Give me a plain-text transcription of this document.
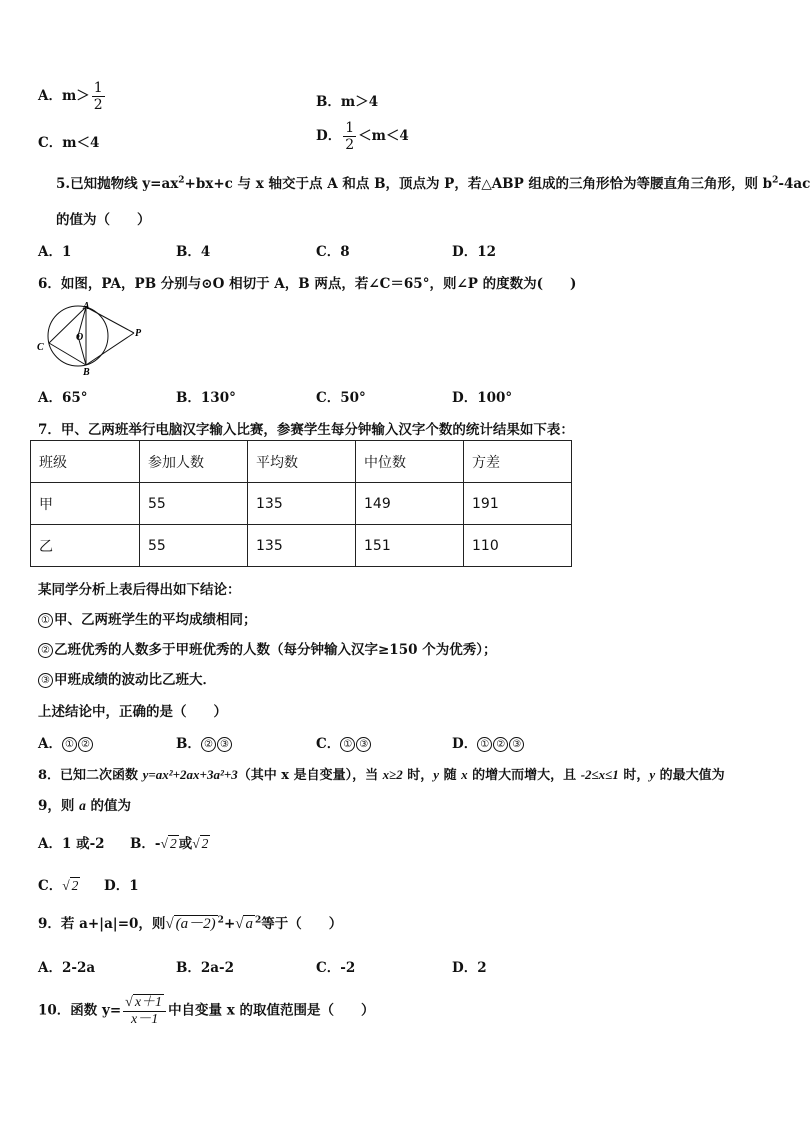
A．$m> \frac{1}{2}$	B．m＞4
C．m＜4	D． $\frac{1}{2} <m<4$
5.已知抛物线 $y=ax^2+bx+c$ 与 x 轴交于点 A 和点 B，顶点为 P，若△ABP 组成的三角形恰为等腰直角三角形，则 $b^2-4ac$
的值为（　　）
A．1	B．4	C．8	D．12
6．如图，PA，PB 分别与⊙O 相切于 A，B 两点，若∠C＝65°，则∠P 的度数为(　　)
A
B
C
O	P
A．65°	B．130°	C．50°	D．100°
7．甲、乙两班举行电脑汉字输入比赛，参赛学生每分钟输入汉字个数的统计结果如下表：
班级	参加人数	平均数	中位数	方差
甲	55	135	149	191
乙	55	135	151	110
某同学分析上表后得出如下结论：
① 甲、乙两班学生的平均成绩相同；
② 乙班优秀的人数多于甲班优秀的人数（每分钟输入汉字≥150 个为优秀）；
③ 甲班成绩的波动比乙班大．
上述结论中，正确的是（　　）
A． ① ②	B． ② ③	C． ① ③	D． ① ② ③
8．已知二次函数 y=ax²+2ax+3a²+3（其中 x 是自变量），当 x≥2 时，y 随 x 的增大而增大，且 -2≤x≤1 时，y 的最大值为
9，则 a 的值为
A．1 或-2 B．-√ 2 或√ 2
C．√ 2 D．1
9．若 a+|a|=0，则√ (a－2) $^2$+√ a $^2$等于（　　）
A．2-2a	B．2a-2	C．-2	D．2
10．函数 $y= \frac{√ x+1}{x-1}$ 中自变量 x 的取值范围是（　　）
